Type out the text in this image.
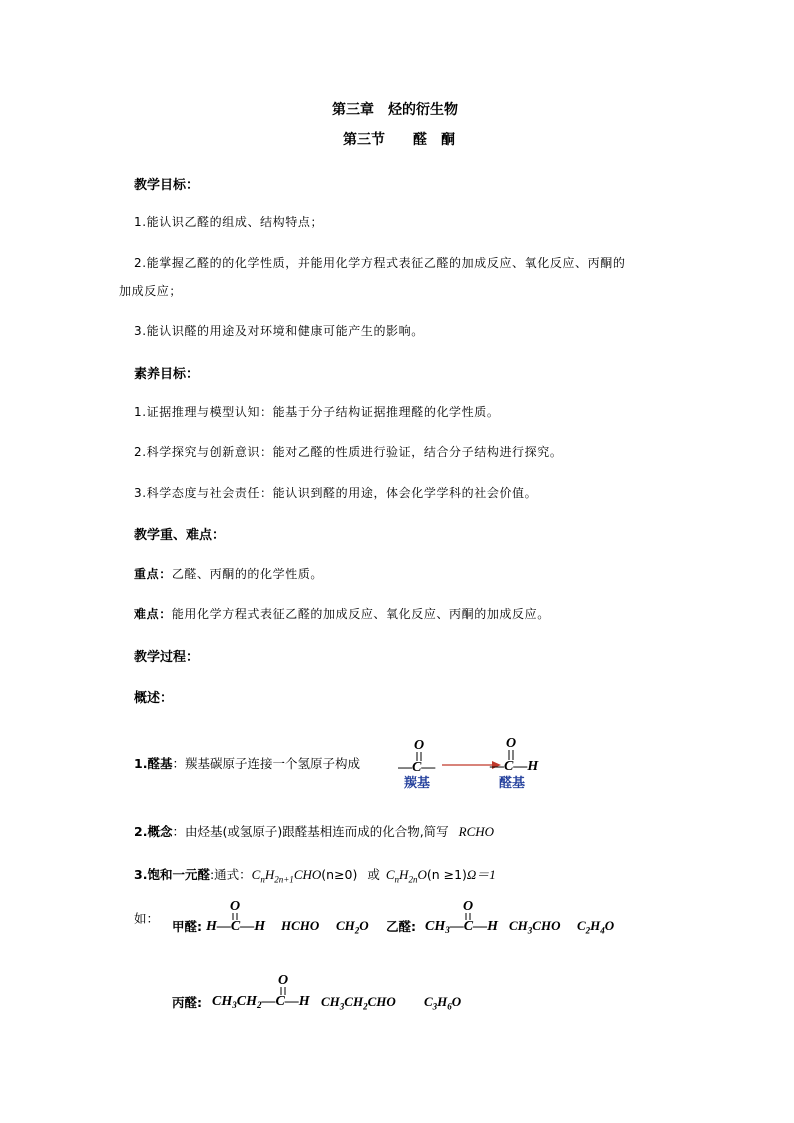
第三章　烃的衍生物
第三节　　醛　酮
教学目标：
1.能认识乙醛的组成、结构特点；
2.能掌握乙醛的的化学性质，并能用化学方程式表征乙醛的加成反应、氧化反应、丙酮的
加成反应；
3.能认识醛的用途及对环境和健康可能产生的影响。
素养目标：
1.证据推理与模型认知：能基于分子结构证据推理醛的化学性质。
2.科学探究与创新意识：能对乙醛的性质进行验证，结合分子结构进行探究。
3.科学态度与社会责任：能认识到醛的用途，体会化学学科的社会价值。
教学重、难点：
重点：乙醛、丙酮的的化学性质。
难点：能用化学方程式表征乙醛的加成反应、氧化反应、丙酮的加成反应。
教学过程：
概述：
1.醛基：羰基碳原子连接一个氢原子构成
O
—C—
O
—C—H
羰基	醛基
2.概念：由烃基(或氢原子)跟醛基相连而成的化合物,简写 RCHO
3.饱和一元醛:通式：$C_nH_{2n+1}CHO(n\ge 0)$ 或 $C_nH_{2n}O(n \ge 1)\Omega=1$
如：
甲醛:
O
H—C—H HCHO $CH_2O$ 乙醛:
O
$CH_3—C—H$ $CH_3CHO$ $C_2H_4O$
丙醛:
O
$CH_3CH_2—C—H$ $CH_3CH_2CHO$ $C_3H_6O$
